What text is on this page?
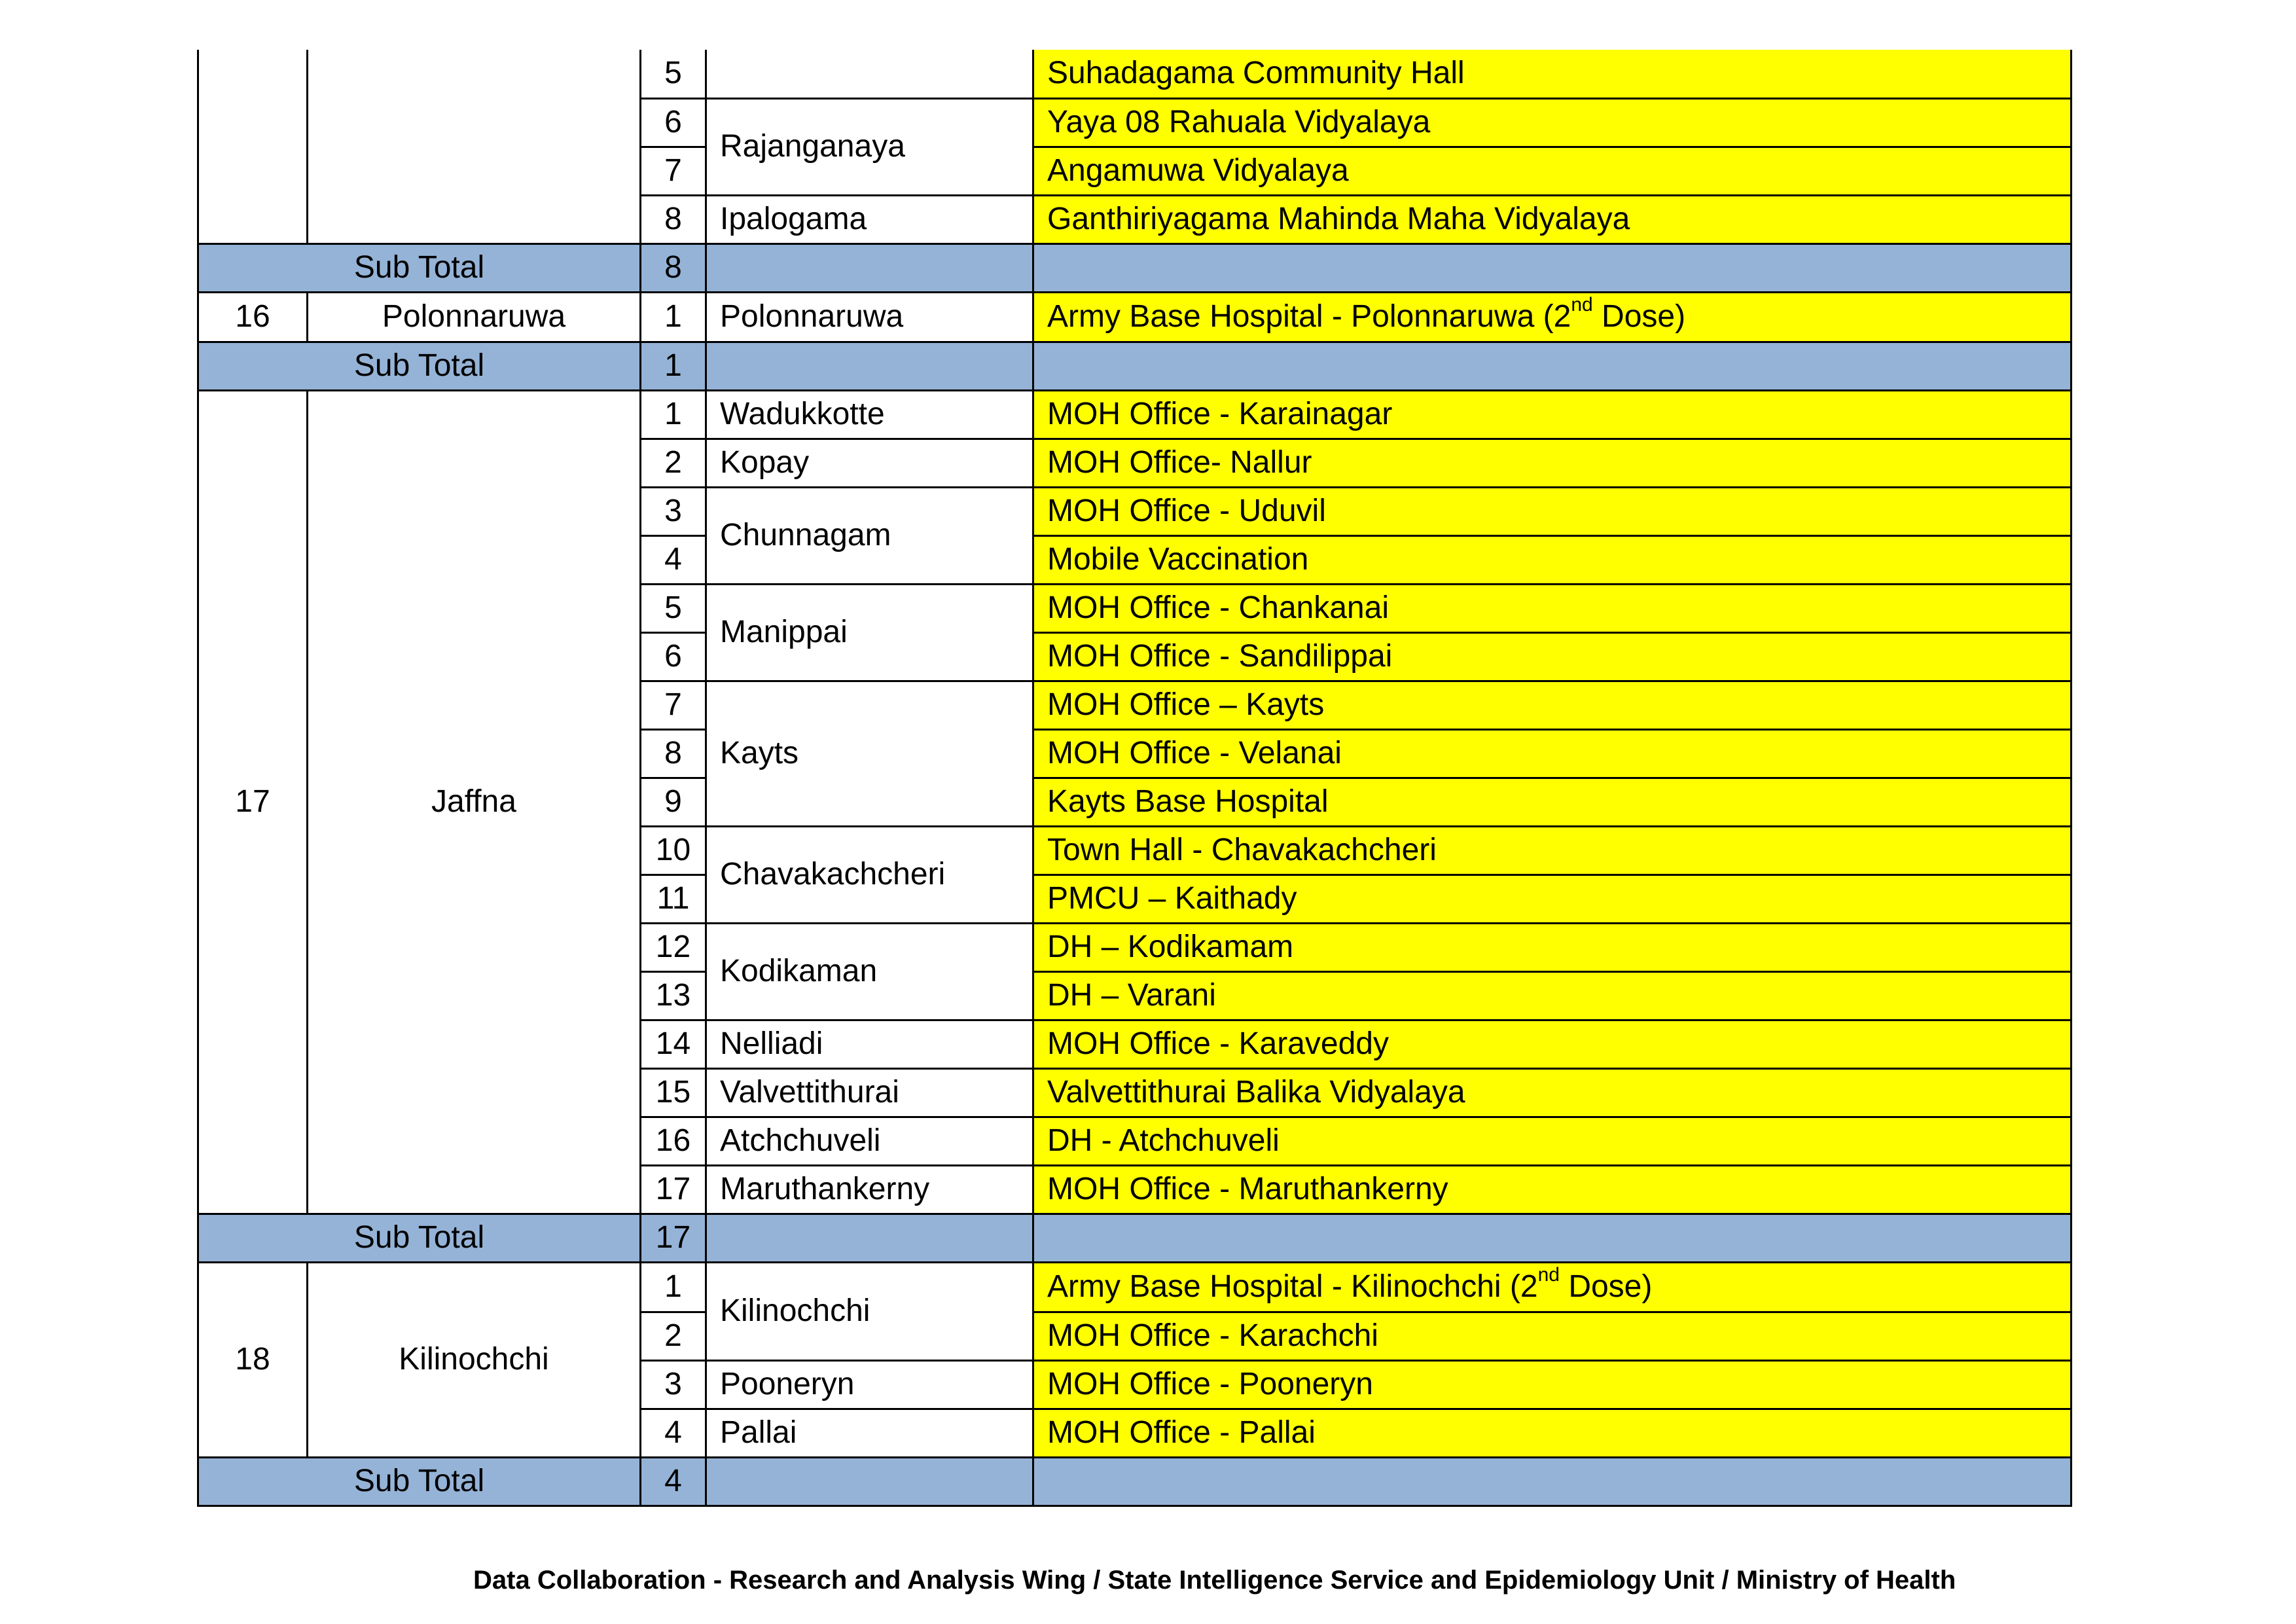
		5		Suhadagama Community Hall
		6	Rajanganaya	Yaya 08 Rahuala Vidyalaya
		7		Angamuwa Vidyalaya
		8	Ipalogama	Ganthiriyagama Mahinda Maha Vidyalaya
Sub Total		8		
16	Polonnaruwa	1	Polonnaruwa	Army Base Hospital - Polonnaruwa (2nd Dose)
Sub Total		1		
17	Jaffna	1	Wadukkotte	MOH Office - Karainagar
		2	Kopay	MOH Office- Nallur
		3	Chunnagam	MOH Office - Uduvil
		4		Mobile Vaccination
		5	Manippai	MOH Office - Chankanai
		6		MOH Office - Sandilippai
		7	Kayts	MOH Office – Kayts
		8		MOH Office - Velanai
		9		Kayts Base Hospital
		10	Chavakachcheri	Town Hall - Chavakachcheri
		11		PMCU – Kaithady
		12	Kodikaman	DH – Kodikamam
		13		DH – Varani
		14	Nelliadi	MOH Office - Karaveddy
		15	Valvettithurai	Valvettithurai Balika Vidyalaya
		16	Atchchuveli	DH - Atchchuveli
		17	Maruthankerny	MOH Office - Maruthankerny
Sub Total		17		
18	Kilinochchi	1	Kilinochchi	Army Base Hospital - Kilinochchi (2nd Dose)
		2		MOH Office - Karachchi
		3	Pooneryn	MOH Office - Pooneryn
		4	Pallai	MOH Office - Pallai
Sub Total		4		
Data Collaboration - Research and Analysis Wing / State Intelligence Service and Epidemiology Unit / Ministry of Health
